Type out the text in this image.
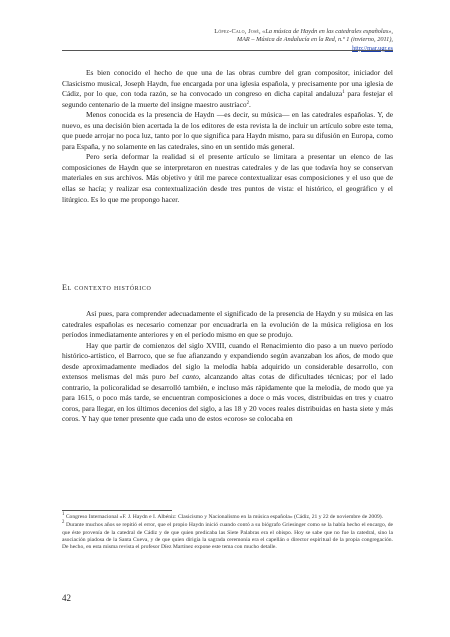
López-Calo, José, «La música de Haydn en las catedrales españolas», MAR – Música de Andalucía en la Red, n.º 1 (invierno, 2011), http://mar.ugr.es

Es bien conocido el hecho de que una de las obras cumbre del gran compositor, iniciador del Clasicismo musical, Joseph Haydn, fue encargada por una iglesia española, y precisamente por una iglesia de Cádiz, por lo que, con toda razón, se ha convocado un congreso en dicha capital andaluza$^1$ para festejar el segundo centenario de la muerte del insigne maestro austríaco$^2$.

Menos conocida es la presencia de Haydn —es decir, su música— en las catedrales españolas. Y, de nuevo, es una decisión bien acertada la de los editores de esta revista la de incluir un artículo sobre este tema, que puede arrojar no poca luz, tanto por lo que significa para Haydn mismo, para su difusión en Europa, como para España, y no solamente en las catedrales, sino en un sentido más general.

Pero sería deformar la realidad si el presente artículo se limitara a presentar un elenco de las composiciones de Haydn que se interpretaron en nuestras catedrales y de las que todavía hoy se conservan materiales en sus archivos. Más objetivo y útil me parece contextualizar esas composiciones y el uso que de ellas se hacía; y realizar esa contextualización desde tres puntos de vista: el histórico, el geográfico y el litúrgico. Es lo que me propongo hacer.

El contexto histórico

Así pues, para comprender adecuadamente el significado de la presencia de Haydn y su música en las catedrales españolas es necesario comenzar por encuadrarla en la evolución de la música religiosa en los períodos inmediatamente anteriores y en el período mismo en que se produjo.

Hay que partir de comienzos del siglo XVIII, cuando el Renacimiento dio paso a un nuevo período histórico-artístico, el Barroco, que se fue afianzando y expandiendo según avanzaban los años, de modo que desde aproximadamente mediados del siglo la melodía había adquirido un considerable desarrollo, con extensos melismas del más puro bel canto, alcanzando altas cotas de dificultades técnicas; por el lado contrario, la policoralidad se desarrolló también, e incluso más rápidamente que la melodía, de modo que ya para 1615, o poco más tarde, se encuentran composiciones a doce o más voces, distribuidas en tres y cuatro coros, para llegar, en los últimos decenios del siglo, a las 18 y 20 voces reales distribuidas en hasta siete y más coros. Y hay que tener presente que cada uno de estos «coros» se colocaba en

$^1$ Congreso Internacional «F. J. Haydn e I. Albéniz: Clasicismo y Nacionalismo en la música española» (Cádiz, 21 y 22 de noviembre de 2009).

$^2$ Durante muchos años se repitió el error, que el propio Haydn inició cuando contó a su biógrafo Griesinger como se la había hecho el encargo, de que éste provenía de la catedral de Cádiz y de que quien predicaba las Siete Palabras era el obispo. Hoy se sabe que no fue la catedral, sino la asociación piadosa de la Santa Cueva, y de que quien dirigía la sagrada ceremonia era el capellán o director espiritual de la propia congregación. De hecho, en esta misma revista el profesor Díez Martínez expone este tema con mucho detalle.

42
